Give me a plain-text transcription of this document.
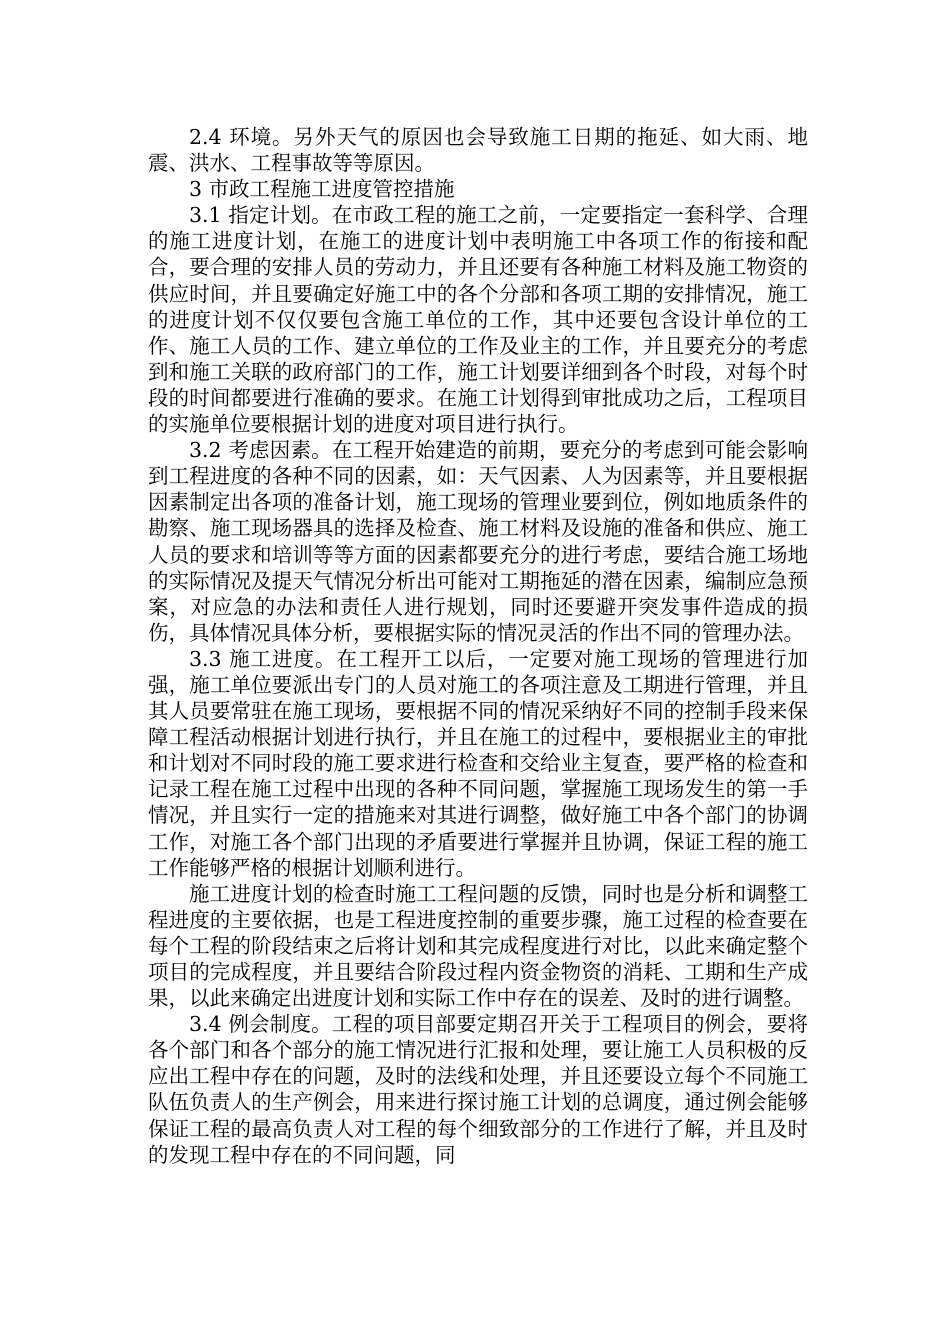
2.4 环境。另外天气的原因也会导致施工日期的拖延、如大雨、地震、洪水、工程事故等等原因。

3 市政工程施工进度管控措施

3.1 指定计划。在市政工程的施工之前，一定要指定一套科学、合理的施工进度计划，在施工的进度计划中表明施工中各项工作的衔接和配合，要合理的安排人员的劳动力，并且还要有各种施工材料及施工物资的供应时间，并且要确定好施工中的各个分部和各项工期的安排情况，施工的进度计划不仅仅要包含施工单位的工作，其中还要包含设计单位的工作、施工人员的工作、建立单位的工作及业主的工作，并且要充分的考虑到和施工关联的政府部门的工作，施工计划要详细到各个时段，对每个时段的时间都要进行准确的要求。在施工计划得到审批成功之后，工程项目的实施单位要根据计划的进度对项目进行执行。

3.2 考虑因素。在工程开始建造的前期，要充分的考虑到可能会影响到工程进度的各种不同的因素，如：天气因素、人为因素等，并且要根据因素制定出各项的准备计划，施工现场的管理业要到位，例如地质条件的勘察、施工现场器具的选择及检查、施工材料及设施的准备和供应、施工人员的要求和培训等等方面的因素都要充分的进行考虑，要结合施工场地的实际情况及提天气情况分析出可能对工期拖延的潜在因素，编制应急预案，对应急的办法和责任人进行规划，同时还要避开突发事件造成的损伤，具体情况具体分析，要根据实际的情况灵活的作出不同的管理办法。

3.3 施工进度。在工程开工以后，一定要对施工现场的管理进行加强，施工单位要派出专门的人员对施工的各项注意及工期进行管理，并且其人员要常驻在施工现场，要根据不同的情况采纳好不同的控制手段来保障工程活动根据计划进行执行，并且在施工的过程中，要根据业主的审批和计划对不同时段的施工要求进行检查和交给业主复查，要严格的检查和记录工程在施工过程中出现的各种不同问题，掌握施工现场发生的第一手情况，并且实行一定的措施来对其进行调整，做好施工中各个部门的协调工作，对施工各个部门出现的矛盾要进行掌握并且协调，保证工程的施工工作能够严格的根据计划顺利进行。

施工进度计划的检查时施工工程问题的反馈，同时也是分析和调整工程进度的主要依据，也是工程进度控制的重要步骤，施工过程的检查要在每个工程的阶段结束之后将计划和其完成程度进行对比，以此来确定整个项目的完成程度，并且要结合阶段过程内资金物资的消耗、工期和生产成果，以此来确定出进度计划和实际工作中存在的误差、及时的进行调整。

3.4 例会制度。工程的项目部要定期召开关于工程项目的例会，要将各个部门和各个部分的施工情况进行汇报和处理，要让施工人员积极的反应出工程中存在的问题，及时的法线和处理，并且还要设立每个不同施工队伍负责人的生产例会，用来进行探讨施工计划的总调度，通过例会能够保证工程的最高负责人对工程的每个细致部分的工作进行了解，并且及时的发现工程中存在的不同问题，同
